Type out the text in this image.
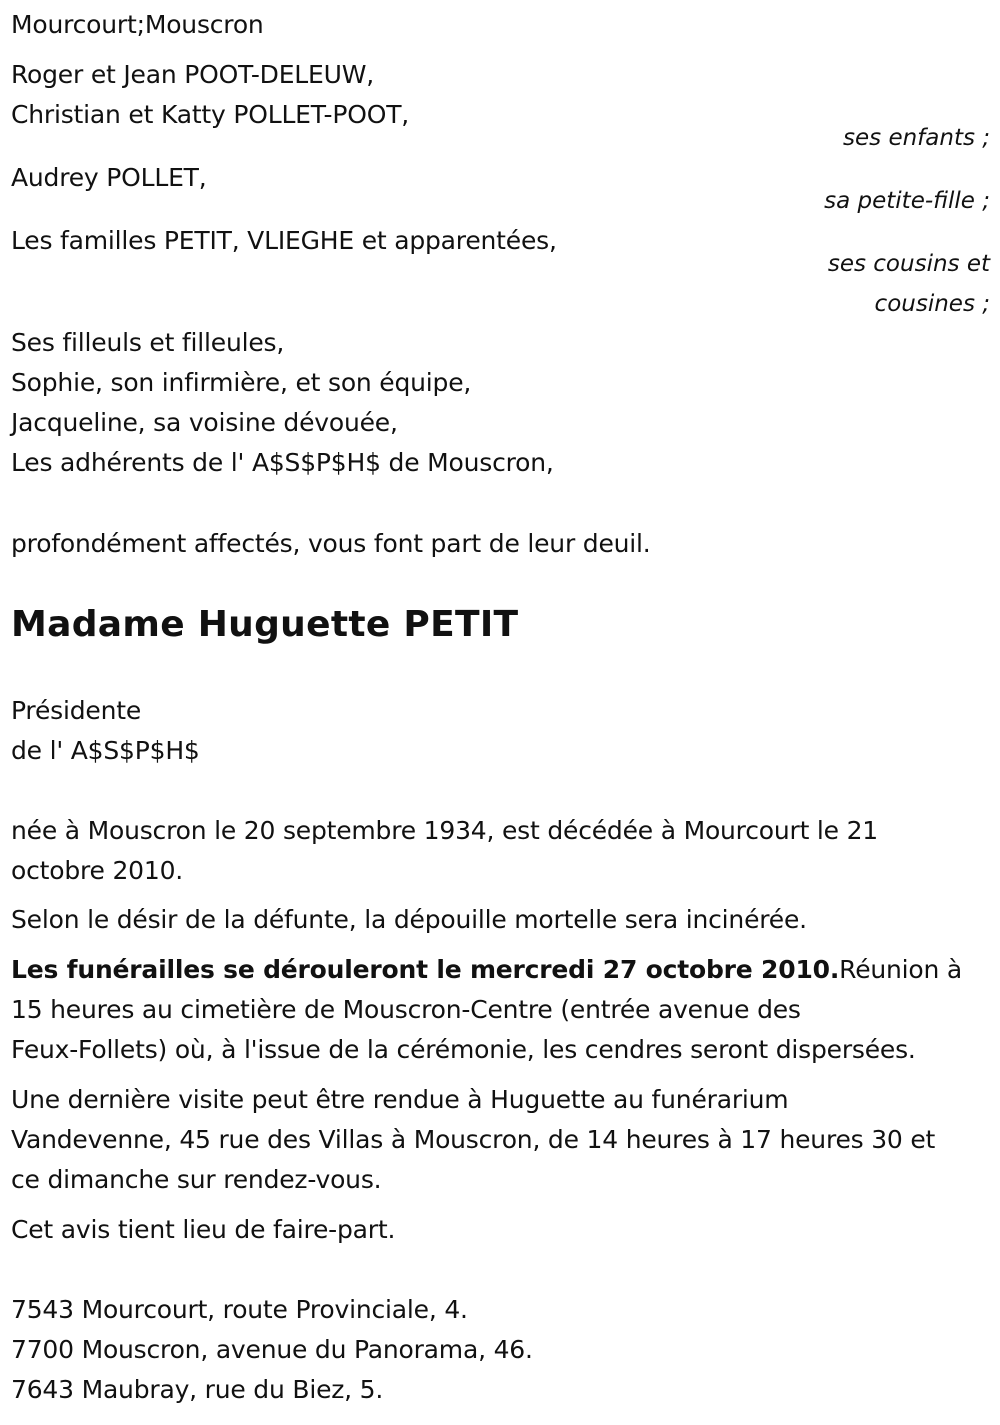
Mourcourt;Mouscron
Roger et Jean POOT-DELEUW,
Christian et Katty POLLET-POOT,
ses enfants ;
Audrey POLLET,
sa petite-fille ;
Les familles PETIT, VLIEGHE et apparentées,
ses cousins et
cousines ;
Ses filleuls et filleules,
Sophie, son infirmière, et son équipe,
Jacqueline, sa voisine dévouée,
Les adhérents de l' A$S$P$H$ de Mouscron,
profondément affectés, vous font part de leur deuil.
Madame Huguette PETIT
Présidente
de l' A$S$P$H$
née à Mouscron le 20 septembre 1934, est décédée à Mourcourt le 21
octobre 2010.
Selon le désir de la défunte, la dépouille mortelle sera incinérée.
Les funérailles se dérouleront le mercredi 27 octobre 2010.Réunion à
15 heures au cimetière de Mouscron-Centre (entrée avenue des
Feux-Follets) où, à l'issue de la cérémonie, les cendres seront dispersées.
Une dernière visite peut être rendue à Huguette au funérarium
Vandevenne, 45 rue des Villas à Mouscron, de 14 heures à 17 heures 30 et
ce dimanche sur rendez-vous.
Cet avis tient lieu de faire-part.
7543 Mourcourt, route Provinciale, 4.
7700 Mouscron, avenue du Panorama, 46.
7643 Maubray, rue du Biez, 5.
